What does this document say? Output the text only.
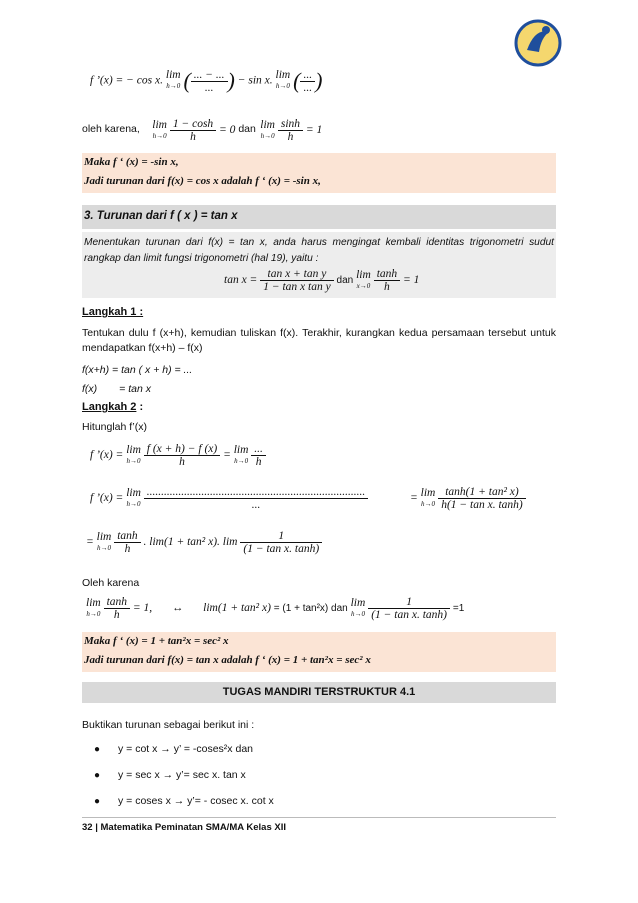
f ’(x) = − cos x. lim
h→0 ( $\frac{... - ...}{...}$ ) − sin x. lim
h→0 ( $\frac{...}{...}$ )
oleh karena, lim
h→0
$\frac{1 - \cosh}{h} = 0$ dan lim
h→0
$\frac{\sinh}{h} = 1$
Maka f ‘ (x) = -sin x,
Jadi turunan dari f(x) = cos x adalah f ‘ (x) = -sin x,
3. Turunan dari f ( x ) = tan x
Menentukan turunan dari f(x) = tan x, anda harus mengingat kembali identitas trigonometri sudut rangkap dan limit fungsi trigonometri (hal 19), yaitu :
$\tan x = \frac{\text{tan x + tan y}}{\text{1 − tan x tan y}}$ dan lim
x→0
$\frac{\tanh}{h} = 1$
Langkah 1 :
Tentukan dulu f (x+h), kemudian tuliskan f(x). Terakhir, kurangkan kedua persamaan tersebut untuk mendapatkan f(x+h) – f(x)
f(x+h) = tan ( x + h) = ...
f(x) = tan x
Langkah 2 :
Hitunglah f’(x)
f ’(x) = lim
h→0
$\frac{f (x + h) - f (x)}{h} = \lim$
h→0
$\frac{...}{h}$
f ’(x) = lim
h→0

............................................................................
...
= lim
h→0
$\frac{\text{tanh(1 + tan² x)}}{\text{h(1 − tan x. tanh)}}$
= lim
h→0
$\frac{\tanh}{h}$ . lim(1 + tan² x). $\lim \frac{1}{\text{(1 − tan x. tanh)}}$
Oleh karena
lim
h→0
$\frac{\tanh}{h} = 1$, ↔ lim(1 + tan² x) = (1 + tan²x) dan lim
h→0
$\frac{1}{\text{(1 − tan x. tanh)}} =1$
Maka f ‘ (x) = 1 + tan²x = sec² x
Jadi turunan dari f(x) = tan x adalah f ‘ (x) = 1 + tan²x = sec² x
TUGAS MANDIRI TERSTRUKTUR 4.1
Buktikan turunan sebagai berikut ini :
● y = cot x → y’ = -coses²x dan
● y = sec x → y’= sec x. tan x
● y = coses x → y’= - cosec x. cot x
32 | Matematika Peminatan SMA/MA Kelas XII
